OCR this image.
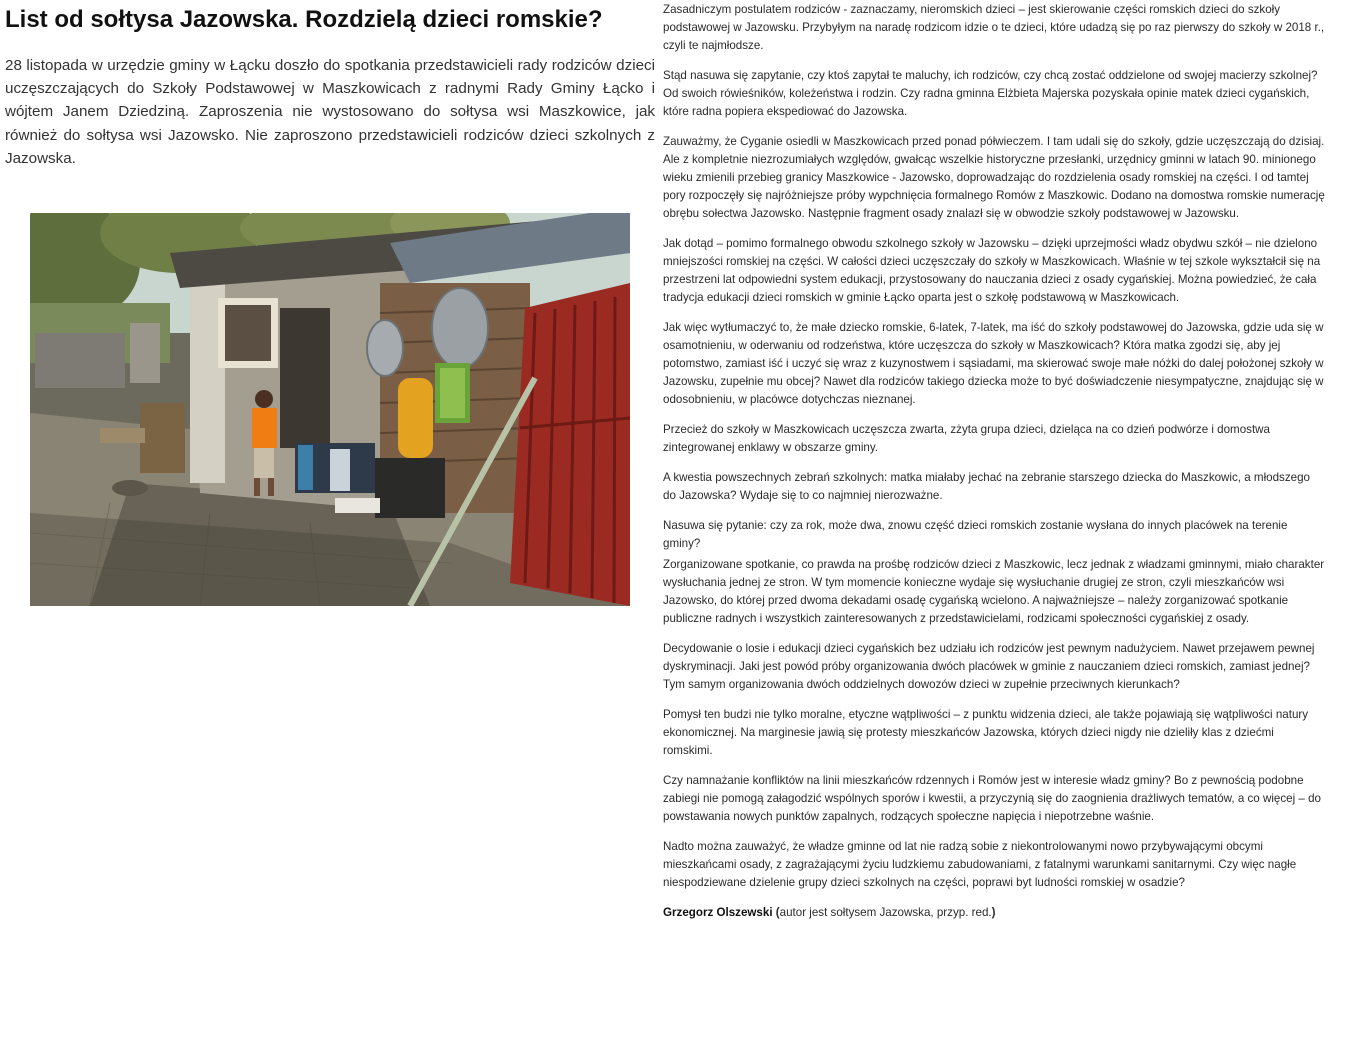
List od sołtysa Jazowska. Rozdzielą dzieci romskie?

28 listopada w urzędzie gminy w Łącku doszło do spotkania przedstawicieli rady rodziców dzieci uczęszczających do Szkoły Podstawowej w Maszkowicach z radnymi Rady Gminy Łącko i wójtem Janem Dziedziną. Zaproszenia nie wystosowano do sołtysa wsi Maszkowice, jak również do sołtysa wsi Jazowsko. Nie zaproszono przedstawicieli rodziców dzieci szkolnych z Jazowska.

Zasadniczym postulatem rodziców - zaznaczamy, nieromskich dzieci – jest skierowanie części romskich dzieci do szkoły podstawowej w Jazowsku. Przybyłym na naradę rodzicom idzie o te dzieci, które udadzą się po raz pierwszy do szkoły w 2018 r., czyli te najmłodsze.

Stąd nasuwa się zapytanie, czy ktoś zapytał te maluchy, ich rodziców, czy chcą zostać oddzielone od swojej macierzy szkolnej? Od swoich rówieśników, koleżeństwa i rodzin. Czy radna gminna Elżbieta Majerska pozyskała opinie matek dzieci cygańskich, które radna popiera ekspediować do Jazowska.

Zauważmy, że Cyganie osiedli w Maszkowicach przed ponad półwieczem. I tam udali się do szkoły, gdzie uczęszczają do dzisiaj. Ale z kompletnie niezrozumiałych względów, gwałcąc wszelkie historyczne przesłanki, urzędnicy gminni w latach 90. minionego wieku zmienili przebieg granicy Maszkowice - Jazowsko, doprowadzając do rozdzielenia osady romskiej na części. I od tamtej pory rozpoczęły się najróżniejsze próby wypchnięcia formalnego Romów z Maszkowic. Dodano na domostwa romskie numerację obrębu sołectwa Jazowsko. Następnie fragment osady znalazł się w obwodzie szkoły podstawowej w Jazowsku.

Jak dotąd – pomimo formalnego obwodu szkolnego szkoły w Jazowsku – dzięki uprzejmości władz obydwu szkół – nie dzielono mniejszości romskiej na części. W całości dzieci uczęszczały do szkoły w Maszkowicach. Właśnie w tej szkole wykształcił się na przestrzeni lat odpowiedni system edukacji, przystosowany do nauczania dzieci z osady cygańskiej. Można powiedzieć, że cała tradycja edukacji dzieci romskich w gminie Łącko oparta jest o szkołę podstawową w Maszkowicach.

Jak więc wytłumaczyć to, że małe dziecko romskie, 6-latek, 7-latek, ma iść do szkoły podstawowej do Jazowska, gdzie uda się w osamotnieniu, w oderwaniu od rodzeństwa, które uczęszcza do szkoły w Maszkowicach? Która matka zgodzi się, aby jej potomstwo, zamiast iść i uczyć się wraz z kuzynostwem i sąsiadami, ma skierować swoje małe nóżki do dalej położonej szkoły w Jazowsku, zupełnie mu obcej? Nawet dla rodziców takiego dziecka może to być doświadczenie niesympatyczne, znajdując się w odosobnieniu, w placówce dotychczas nieznanej.

Przecież do szkoły w Maszkowicach uczęszcza zwarta, zżyta grupa dzieci, dzieląca na co dzień podwórze i domostwa zintegrowanej enklawy w obszarze gminy.

A kwestia powszechnych zebrań szkolnych: matka miałaby jechać na zebranie starszego dziecka do Maszkowic, a młodszego do Jazowska? Wydaje się to co najmniej nierozważne.

Nasuwa się pytanie: czy za rok, może dwa, znowu część dzieci romskich zostanie wysłana do innych placówek na terenie gminy?

Zorganizowane spotkanie, co prawda na prośbę rodziców dzieci z Maszkowic, lecz jednak z władzami gminnymi, miało charakter wysłuchania jednej ze stron. W tym momencie konieczne wydaje się wysłuchanie drugiej ze stron, czyli mieszkańców wsi Jazowsko, do której przed dwoma dekadami osadę cygańską wcielono. A najważniejsze – należy zorganizować spotkanie publiczne radnych i wszystkich zainteresowanych z przedstawicielami, rodzicami społeczności cygańskiej z osady.

Decydowanie o losie i edukacji dzieci cygańskich bez udziału ich rodziców jest pewnym nadużyciem. Nawet przejawem pewnej dyskryminacji. Jaki jest powód próby organizowania dwóch placówek w gminie z nauczaniem dzieci romskich, zamiast jednej? Tym samym organizowania dwóch oddzielnych dowozów dzieci w zupełnie przeciwnych kierunkach?

Pomysł ten budzi nie tylko moralne, etyczne wątpliwości – z punktu widzenia dzieci, ale także pojawiają się wątpliwości natury ekonomicznej. Na marginesie jawią się protesty mieszkańców Jazowska, których dzieci nigdy nie dzieliły klas z dziećmi romskimi.

Czy namnażanie konfliktów na linii mieszkańców rdzennych i Romów jest w interesie władz gminy? Bo z pewnością podobne zabiegi nie pomogą załagodzić wspólnych sporów i kwestii, a przyczynią się do zaognienia drażliwych tematów, a co więcej – do powstawania nowych punktów zapalnych, rodzących społeczne napięcia i niepotrzebne waśnie.

Nadto można zauważyć, że władze gminne od lat nie radzą sobie z niekontrolowanymi nowo przybywającymi obcymi mieszkańcami osady, z zagrażającymi życiu ludzkiemu zabudowaniami, z fatalnymi warunkami sanitarnymi. Czy więc nagłe niespodziewane dzielenie grupy dzieci szkolnych na części, poprawi byt ludności romskiej w osadzie?

Grzegorz Olszewski (autor jest sołtysem Jazowska, przyp. red.)
